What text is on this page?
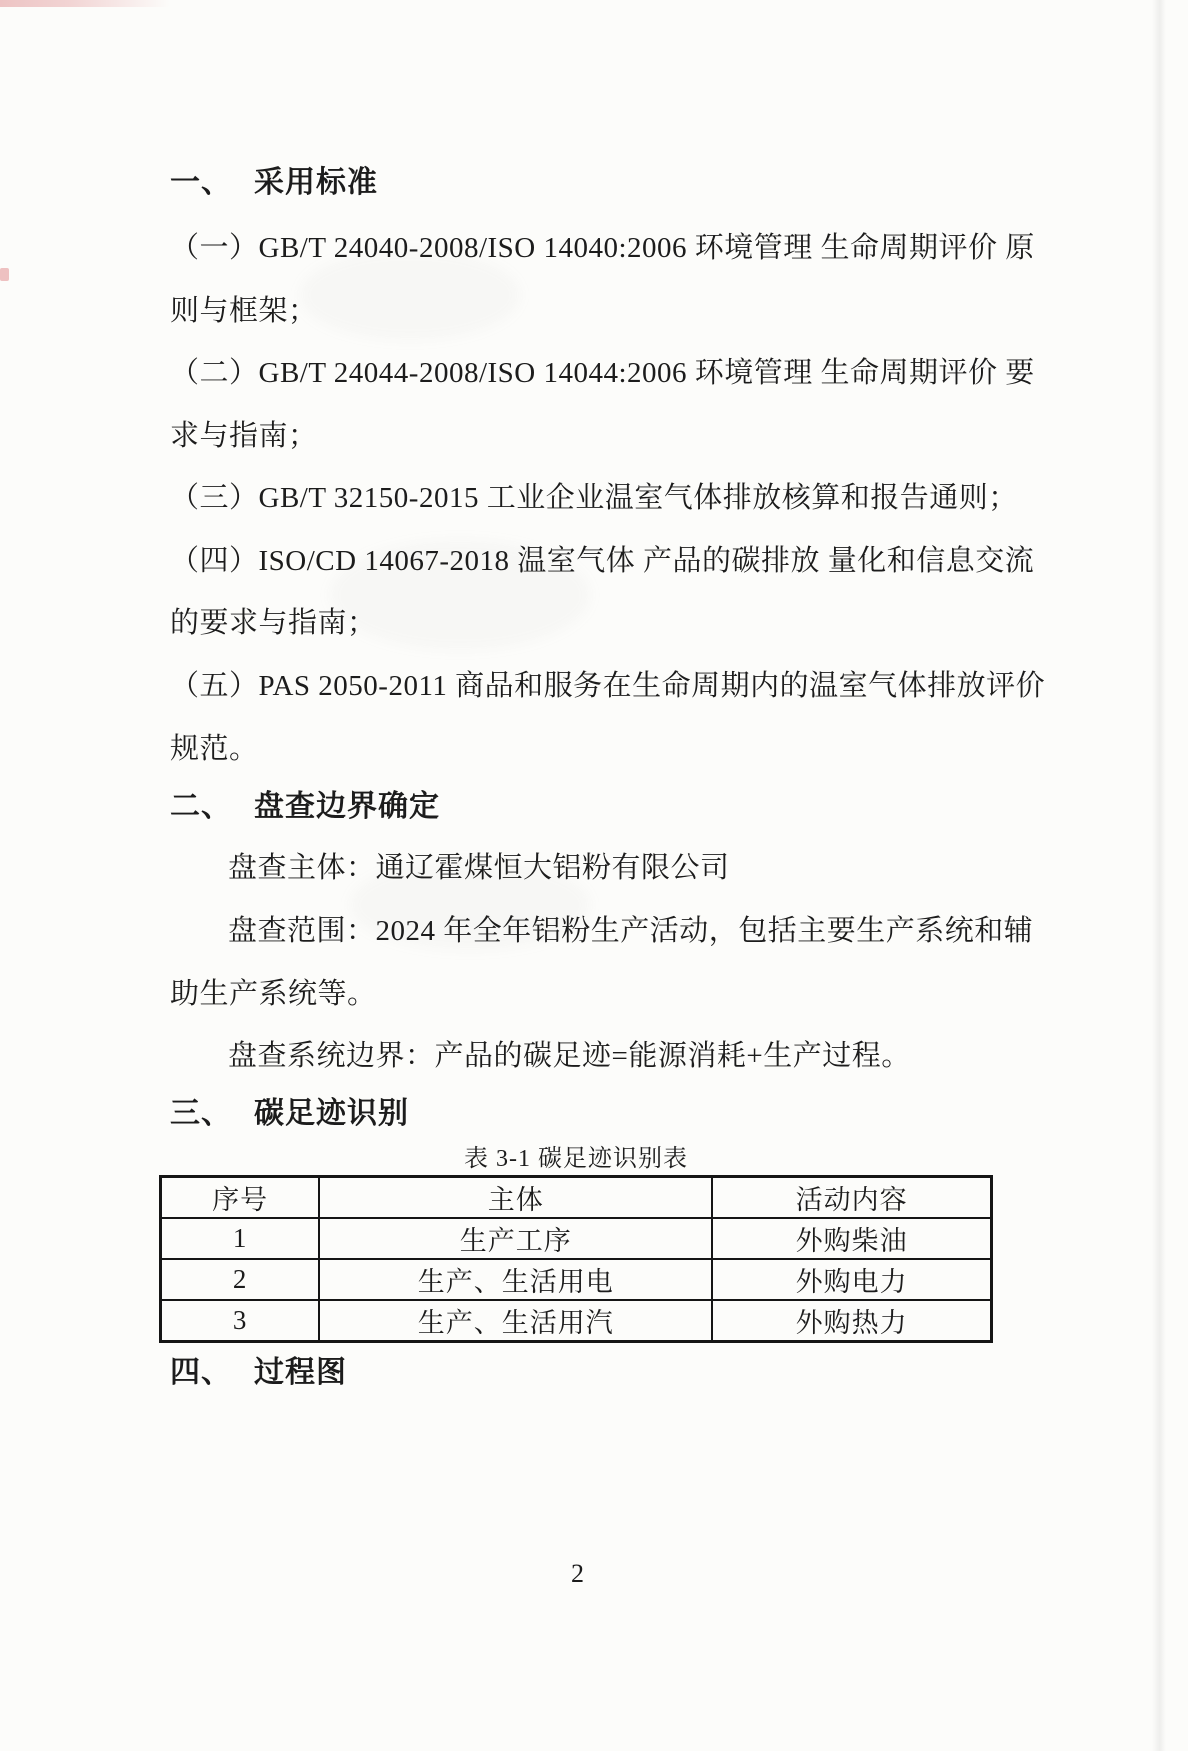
一、 采用标准
（一）GB/T 24040-2008/ISO 14040:2006 环境管理 生命周期评价 原
则与框架；
（二）GB/T 24044-2008/ISO 14044:2006 环境管理 生命周期评价 要
求与指南；
（三）GB/T 32150-2015 工业企业温室气体排放核算和报告通则；
（四）ISO/CD 14067-2018 温室气体 产品的碳排放 量化和信息交流
的要求与指南；
（五）PAS 2050-2011 商品和服务在生命周期内的温室气体排放评价
规范。
二、 盘查边界确定
盘查主体：通辽霍煤恒大铝粉有限公司
盘查范围：2024 年全年铝粉生产活动，包括主要生产系统和辅
助生产系统等。
盘查系统边界：产品的碳足迹=能源消耗+生产过程。
三、 碳足迹识别
表 3-1 碳足迹识别表
序号	主体	活动内容
1	生产工序	外购柴油
2	生产、生活用电	外购电力
3	生产、生活用汽	外购热力
四、 过程图
2
